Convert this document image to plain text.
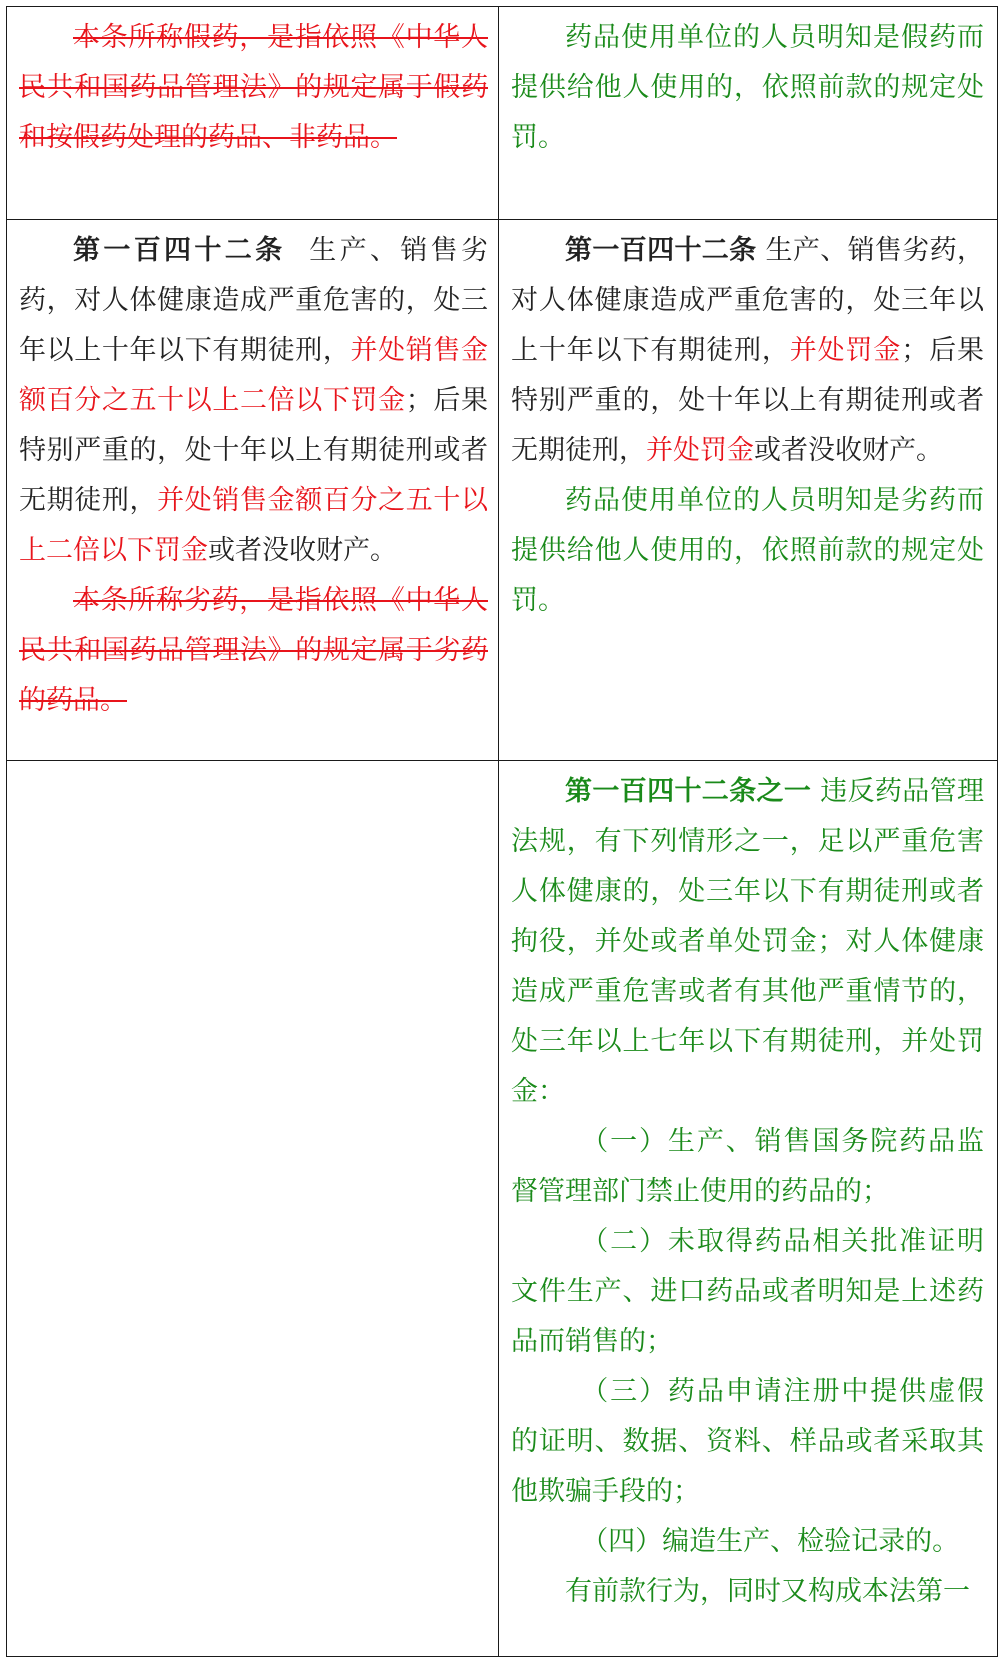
本条所称假药，是指依照《中华人民共和国药品管理法》的规定属于假药和按假药处理的药品、非药品。

药品使用单位的人员明知是假药而提供给他人使用的，依照前款的规定处罚。

第一百四十二条 生产、销售劣药，对人体健康造成严重危害的，处三年以上十年以下有期徒刑，并处销售金额百分之五十以上二倍以下罚金；后果特别严重的，处十年以上有期徒刑或者无期徒刑，并处销售金额百分之五十以上二倍以下罚金或者没收财产。

本条所称劣药，是指依照《中华人民共和国药品管理法》的规定属于劣药的药品。

第一百四十二条 生产、销售劣药，对人体健康造成严重危害的，处三年以上十年以下有期徒刑，并处罚金；后果特别严重的，处十年以上有期徒刑或者无期徒刑，并处罚金或者没收财产。

药品使用单位的人员明知是劣药而提供给他人使用的，依照前款的规定处罚。

第一百四十二条之一 违反药品管理法规，有下列情形之一，足以严重危害人体健康的，处三年以下有期徒刑或者拘役，并处或者单处罚金；对人体健康造成严重危害或者有其他严重情节的，处三年以上七年以下有期徒刑，并处罚金：

（一）生产、销售国务院药品监督管理部门禁止使用的药品的；

（二）未取得药品相关批准证明文件生产、进口药品或者明知是上述药品而销售的；

（三）药品申请注册中提供虚假的证明、数据、资料、样品或者采取其他欺骗手段的；

（四）编造生产、检验记录的。

有前款行为，同时又构成本法第一
